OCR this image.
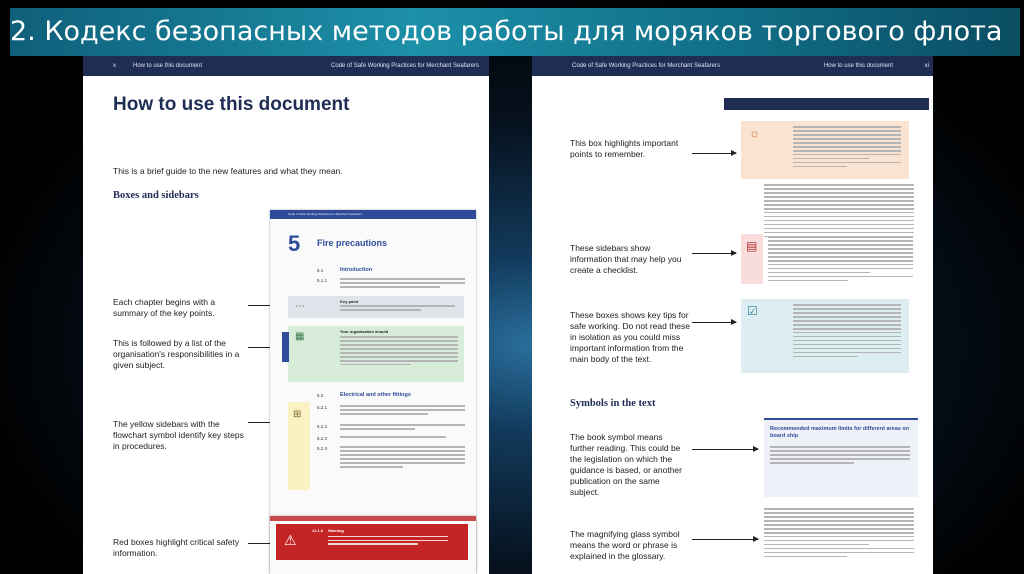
2. Кодекс безопасных методов работы для моряков торгового флота
x	How to use this document	Code of Safe Working Practices for Merchant Seafarers
How to use this document
This is a brief guide to the new features and what they mean.
Boxes and sidebars
Each chapter begins with a summary of the key points.
This is followed by a list of the organisation's responsibilities in a given subject.
The yellow sidebars with the flowchart symbol identify key steps in procedures.
Red boxes highlight critical safety information.
Code of Safe Working Practices for Merchant Seafarers
5 Fire precautions
5.1	Introduction
5.1.1
⋯	Key point
▦	Your organisation should
5.2	Electrical and other fittings
⊞
5.2.1
5.2.2
5.2.3
5.2.4
⚠
12.1.6 Warning
Code of Safe Working Practices for Merchant Seafarers	How to use this document	xi
☼
▤
☑
Symbols in the text
Recommended maximum limits for different areas on board ship
This box highlights important points to remember.
These sidebars show information that may help you create a checklist.
These boxes shows key tips for safe working. Do not read these in isolation as you could miss important information from the main body of the text.
The book symbol means further reading. This could be the legislation on which the guidance is based, or another publication on the same subject.
The magnifying glass symbol means the word or phrase is explained in the glossary.
